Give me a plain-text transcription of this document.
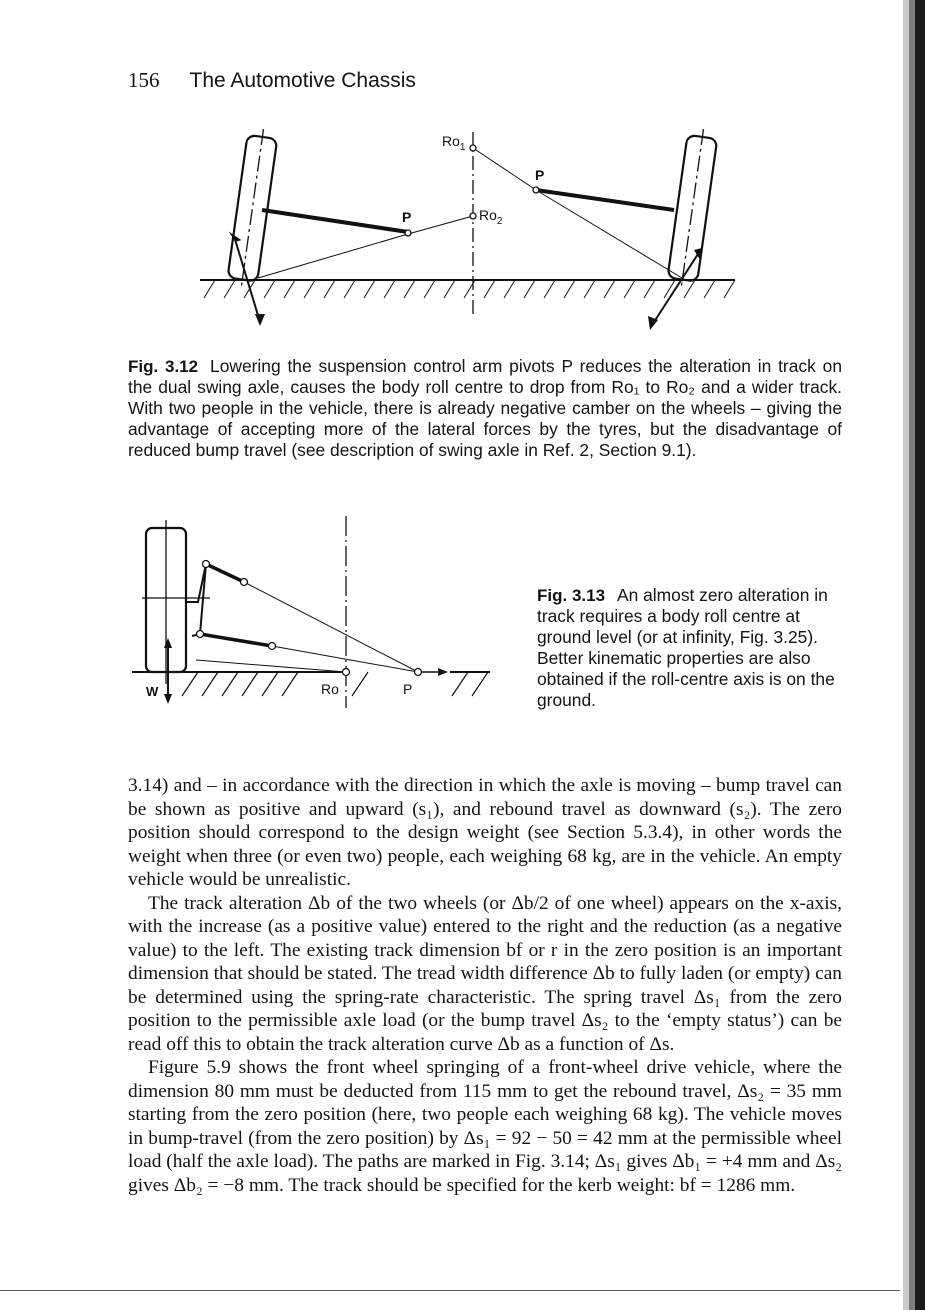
156 The Automotive Chassis
$Ro_1$
$Ro_2$
P
P
Fig. 3.12 Lowering the suspension control arm pivots P reduces the alteration in track on the dual swing axle, causes the body roll centre to drop from Ro₁ to Ro₂ and a wider track. With two people in the vehicle, there is already negative camber on the wheels – giving the advantage of accepting more of the lateral forces by the tyres, but the disadvantage of reduced bump travel (see description of swing axle in Ref. 2, Section 9.1).
W	Ro	P
Fig. 3.13 An almost zero alteration in track requires a body roll centre at ground level (or at infinity, Fig. 3.25). Better kinematic properties are also obtained if the roll-centre axis is on the ground.

3.14) and – in accordance with the direction in which the axle is moving – bump travel can be shown as positive and upward (s₁), and rebound travel as downward (s₂). The zero position should correspond to the design weight (see Section 5.3.4), in other words the weight when three (or even two) people, each weighing 68 kg, are in the vehicle. An empty vehicle would be unrealistic.

The track alteration Δb of the two wheels (or Δb/2 of one wheel) appears on the x-axis, with the increase (as a positive value) entered to the right and the reduction (as a negative value) to the left. The existing track dimension bf or r in the zero position is an important dimension that should be stated. The tread width difference Δb to fully laden (or empty) can be determined using the spring-rate characteristic. The spring travel Δs₁ from the zero position to the permissible axle load (or the bump travel Δs₂ to the ‘empty status’) can be read off this to obtain the track alteration curve Δb as a function of Δs.

Figure 5.9 shows the front wheel springing of a front-wheel drive vehicle, where the dimension 80 mm must be deducted from 115 mm to get the rebound travel, Δs₂ = 35 mm starting from the zero position (here, two people each weighing 68 kg). The vehicle moves in bump-travel (from the zero position) by Δs₁ = 92 − 50 = 42 mm at the permissible wheel load (half the axle load). The paths are marked in Fig. 3.14; Δs₁ gives Δb₁ = +4 mm and Δs₂ gives Δb₂ = −8 mm. The track should be specified for the kerb weight: bf = 1286 mm.
